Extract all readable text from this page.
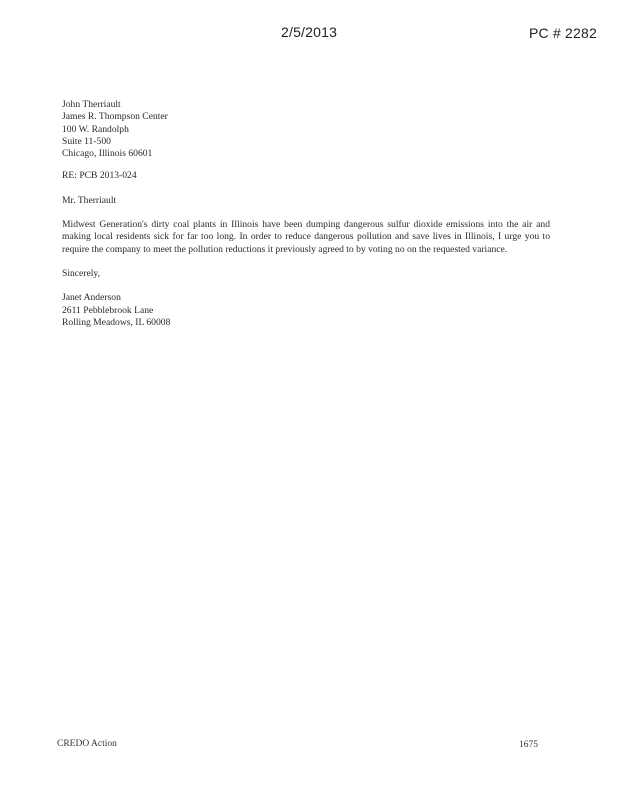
2/5/2013	PC # 2282
John Therriault
James R. Thompson Center
100 W. Randolph
Suite 11-500
Chicago, Illinois 60601
RE: PCB 2013-024
Mr. Therriault
Midwest Generation's dirty coal plants in Illinois have been dumping dangerous sulfur dioxide emissions into the air and making local residents sick for far too long. In order to reduce dangerous pollution and save lives in Illinois, I urge you to require the company to meet the pollution reductions it previously agreed to by voting no on the requested variance.
Sincerely,
Janet Anderson
2611 Pebblebrook Lane
Rolling Meadows, IL 60008
CREDO Action	1675
